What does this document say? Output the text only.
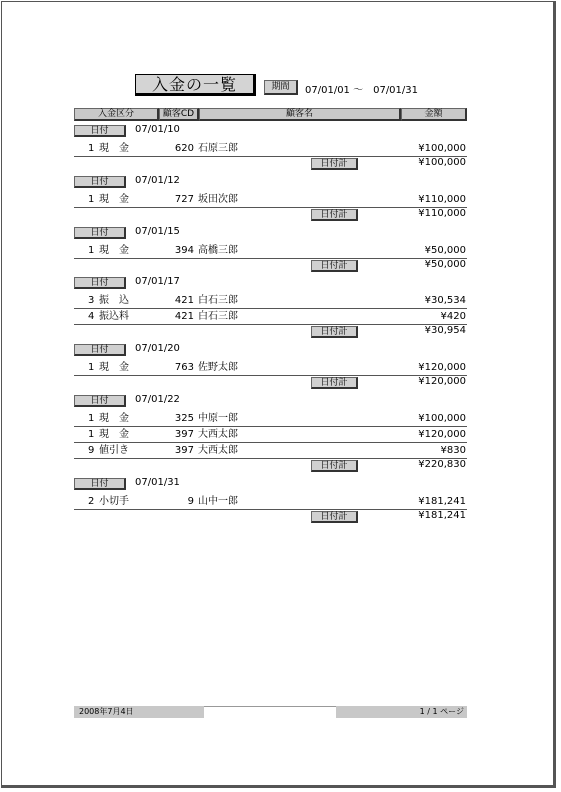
入金の一覧	期間	07/01/01 ～　07/01/31
入金区分	顧客CD	顧客名	金額
日付	07/01/10
1 現　金	620 石原三郎	¥100,000
日付計	¥100,000
日付	07/01/12
1 現　金	727 坂田次郎	¥110,000
日付計	¥110,000
日付	07/01/15
1 現　金	394 高橋三郎	¥50,000
日付計	¥50,000
日付	07/01/17
3 振　込	421 白石三郎	¥30,534
4 振込料	421 白石三郎	¥420
日付計	¥30,954
日付	07/01/20
1 現　金	763 佐野太郎	¥120,000
日付計	¥120,000
日付	07/01/22
1 現　金	325 中原一郎	¥100,000
1 現　金	397 大西太郎	¥120,000
9 値引き	397 大西太郎	¥830
日付計	¥220,830
日付	07/01/31
2 小切手	9 山中一郎	¥181,241
日付計	¥181,241
2008年7月4日	1 / 1 ページ
